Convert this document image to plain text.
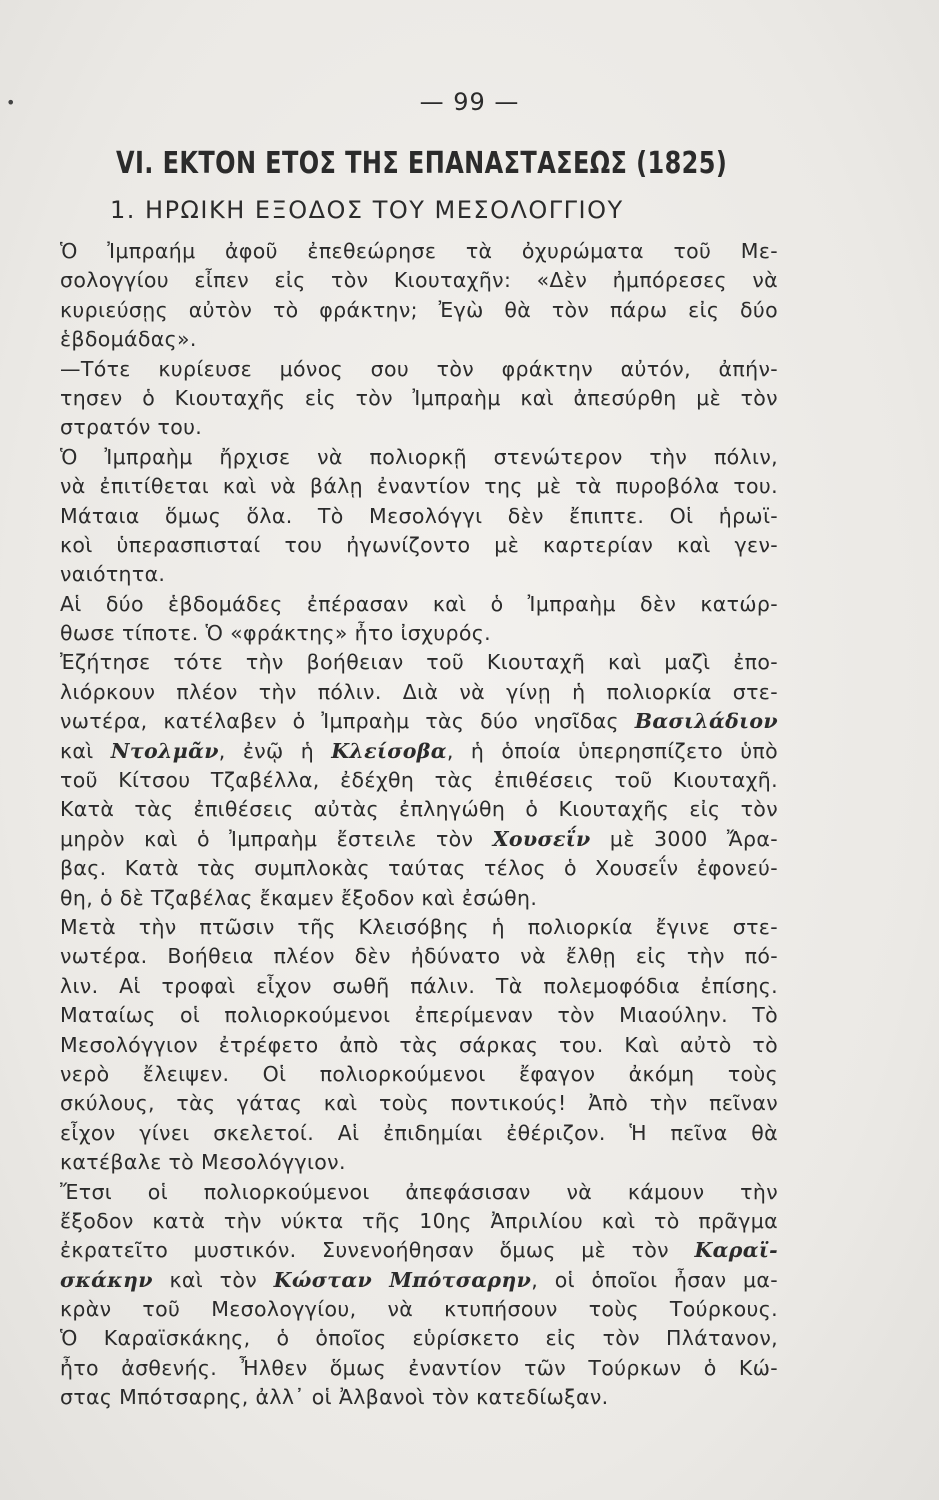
•	— 99 —
VI. ΕΚΤΟΝ ΕΤΟΣ ΤΗΣ ΕΠΑΝΑΣΤΑΣΕΩΣ (1825)
1. ΗΡΩΙΚΗ ΕΞΟΔΟΣ ΤΟΥ ΜΕΣΟΛΟΓΓΙΟΥ
Ὁ Ἰμπραήμ ἀφοῦ ἐπεθεώρησε τὰ ὀχυρώματα τοῦ Με-
σολογγίου εἶπεν εἰς τὸν Κιουταχῆν: «Δὲν ἠμπόρεσες νὰ
κυριεύσῃς αὐτὸν τὸ φράκτην; Ἐγὼ θὰ τὸν πάρω εἰς δύο
ἑβδομάδας».
—Τότε κυρίευσε μόνος σου τὸν φράκτην αὐτόν, ἀπήν-
τησεν ὁ Κιουταχῆς εἰς τὸν Ἰμπραὴμ καὶ ἀπεσύρθη μὲ τὸν
στρατόν του.
Ὁ Ἰμπραὴμ ἤρχισε νὰ πολιορκῇ στενώτερον τὴν πόλιν,
νὰ ἐπιτίθεται καὶ νὰ βάλῃ ἐναντίον της μὲ τὰ πυροβόλα του.
Μάταια ὅμως ὅλα. Τὸ Μεσολόγγι δὲν ἔπιπτε. Οἱ ἡρωϊ-
κοὶ ὑπερασπισταί του ἠγωνίζοντο μὲ καρτερίαν καὶ γεν-
ναιότητα.
Αἱ δύο ἑβδομάδες ἐπέρασαν καὶ ὁ Ἰμπραὴμ δὲν κατώρ-
θωσε τίποτε. Ὁ «φράκτης» ἦτο ἰσχυρός.
Ἐζήτησε τότε τὴν βοήθειαν τοῦ Κιουταχῆ καὶ μαζὶ ἐπο-
λιόρκουν πλέον τὴν πόλιν. Διὰ νὰ γίνῃ ἡ πολιορκία στε-
νωτέρα, κατέλαβεν ὁ Ἰμπραὴμ τὰς δύο νησῖδας Βασιλάδιον
καὶ Ντολμᾶν, ἐνῷ ἡ Κλείσοβα, ἡ ὁποία ὑπερησπίζετο ὑπὸ
τοῦ Κίτσου Τζαβέλλα, ἐδέχθη τὰς ἐπιθέσεις τοῦ Κιουταχῆ.
Κατὰ τὰς ἐπιθέσεις αὐτὰς ἐπληγώθη ὁ Κιουταχῆς εἰς τὸν
μηρὸν καὶ ὁ Ἰμπραὴμ ἔστειλε τὸν Χουσεΐν μὲ 3000 Ἄρα-
βας. Κατὰ τὰς συμπλοκὰς ταύτας τέλος ὁ Χουσεΐν ἐφονεύ-
θη, ὁ δὲ Τζαβέλας ἔκαμεν ἔξοδον καὶ ἐσώθη.
Μετὰ τὴν πτῶσιν τῆς Κλεισόβης ἡ πολιορκία ἔγινε στε-
νωτέρα. Βοήθεια πλέον δὲν ἠδύνατο νὰ ἔλθῃ εἰς τὴν πό-
λιν. Αἱ τροφαὶ εἶχον σωθῆ πάλιν. Τὰ πολεμοφόδια ἐπίσης.
Ματαίως οἱ πολιορκούμενοι ἐπερίμεναν τὸν Μιαούλην. Τὸ
Μεσολόγγιον ἐτρέφετο ἀπὸ τὰς σάρκας του. Καὶ αὐτὸ τὸ
νερὸ ἔλειψεν. Οἱ πολιορκούμενοι ἔφαγον ἀκόμη τοὺς
σκύλους, τὰς γάτας καὶ τοὺς ποντικούς! Ἀπὸ τὴν πεῖναν
εἶχον γίνει σκελετοί. Αἱ ἐπιδημίαι ἐθέριζον. Ἡ πεῖνα θὰ
κατέβαλε τὸ Μεσολόγγιον.
Ἔτσι οἱ πολιορκούμενοι ἀπεφάσισαν νὰ κάμουν τὴν
ἔξοδον κατὰ τὴν νύκτα τῆς 10ης Ἀπριλίου καὶ τὸ πρᾶγμα
ἐκρατεῖτο μυστικόν. Συνενοήθησαν ὅμως μὲ τὸν Καραϊ-
σκάκην καὶ τὸν Κώσταν Μπότσαρην, οἱ ὁποῖοι ἦσαν μα-
κρὰν τοῦ Μεσολογγίου, νὰ κτυπήσουν τοὺς Τούρκους.
Ὁ Καραϊσκάκης, ὁ ὁποῖος εὑρίσκετο εἰς τὸν Πλάτανον,
ἦτο ἀσθενής. Ἦλθεν ὅμως ἐναντίον τῶν Τούρκων ὁ Κώ-
στας Μπότσαρης, ἀλλ᾿ οἱ Ἀλβανοὶ τὸν κατεδίωξαν.
